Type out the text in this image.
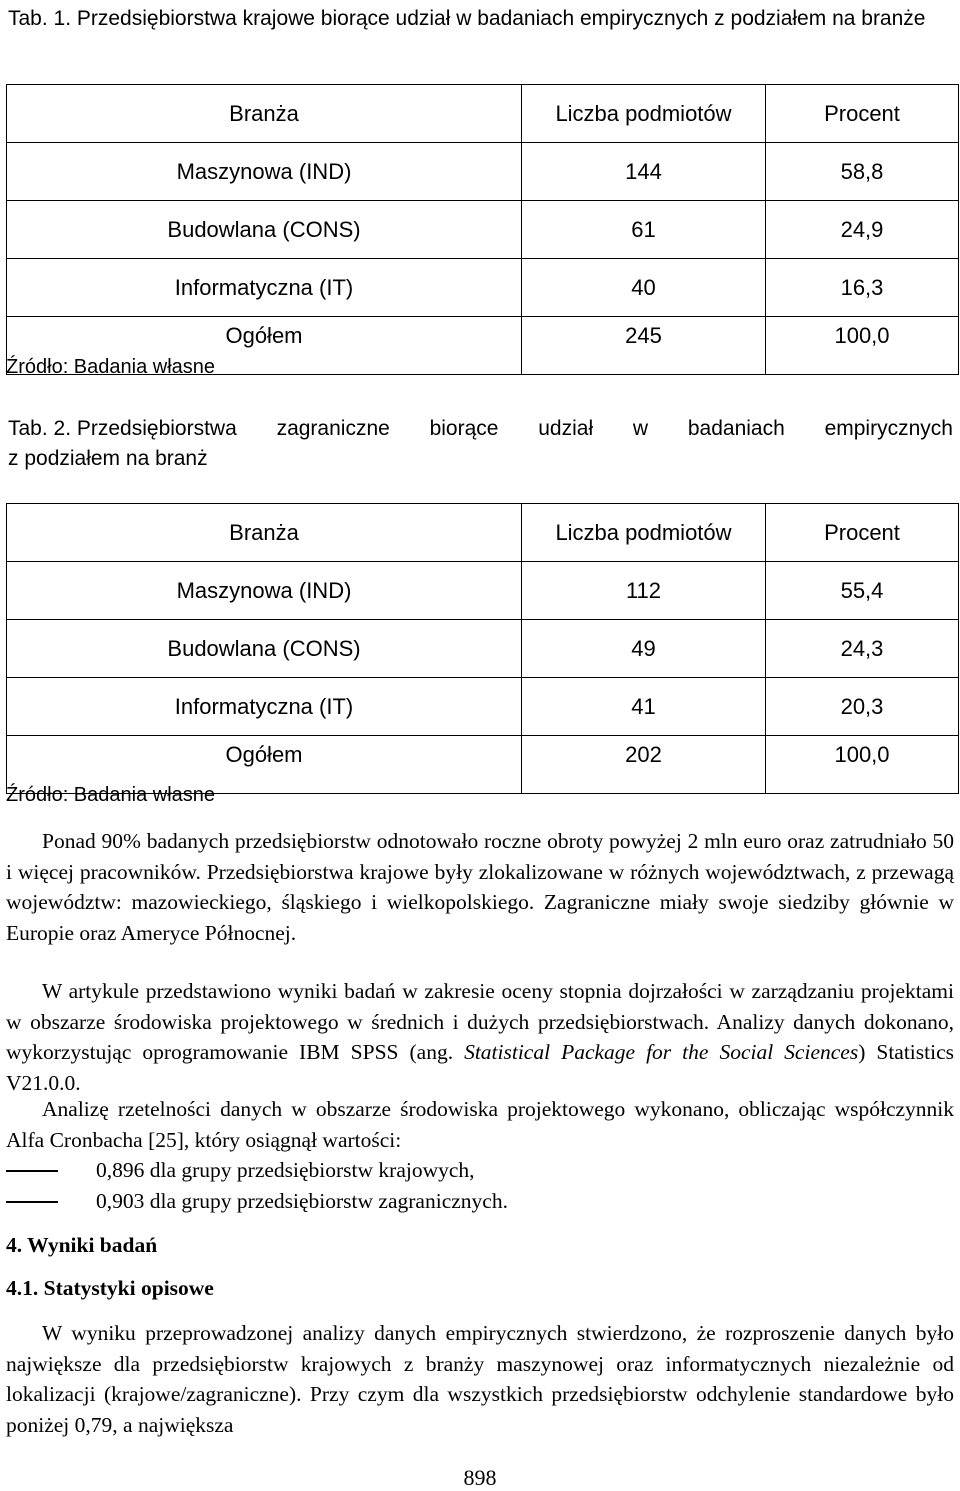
Tab. 1. Przedsiębiorstwa krajowe biorące udział w badaniach empirycznych z podziałem na branże
Branża	Liczba podmiotów	Procent
Maszynowa (IND)	144	58,8
Budowlana (CONS)	61	24,9
Informatyczna (IT)	40	16,3
Ogółem	245	100,0
Źródło: Badania własne
Tab. 2. Przedsiębiorstwa zagraniczne biorące udział w badaniach empirycznych
z podziałem na branż
Branża	Liczba podmiotów	Procent
Maszynowa (IND)	112	55,4
Budowlana (CONS)	49	24,3
Informatyczna (IT)	41	20,3
Ogółem	202	100,0
Źródło: Badania własne
Ponad 90% badanych przedsiębiorstw odnotowało roczne obroty powyżej 2 mln euro oraz zatrudniało 50 i więcej pracowników. Przedsiębiorstwa krajowe były zlokalizowane w różnych województwach, z przewagą województw: mazowieckiego, śląskiego i wielkopolskiego. Zagraniczne miały swoje siedziby głównie w Europie oraz Ameryce Północnej.
W artykule przedstawiono wyniki badań w zakresie oceny stopnia dojrzałości w zarządzaniu projektami w obszarze środowiska projektowego w średnich i dużych przedsiębiorstwach. Analizy danych dokonano, wykorzystując oprogramowanie IBM SPSS (ang. Statistical Package for the Social Sciences) Statistics V21.0.0.
Analizę rzetelności danych w obszarze środowiska projektowego wykonano, obliczając współczynnik Alfa Cronbacha [25], który osiągnął wartości:
0,896 dla grupy przedsiębiorstw krajowych,
0,903 dla grupy przedsiębiorstw zagranicznych.
4. Wyniki badań
4.1. Statystyki opisowe
W wyniku przeprowadzonej analizy danych empirycznych stwierdzono, że rozproszenie danych było największe dla przedsiębiorstw krajowych z branży maszynowej oraz informatycznych niezależnie od lokalizacji (krajowe/zagraniczne). Przy czym dla wszystkich przedsiębiorstw odchylenie standardowe było poniżej 0,79, a największa
898
